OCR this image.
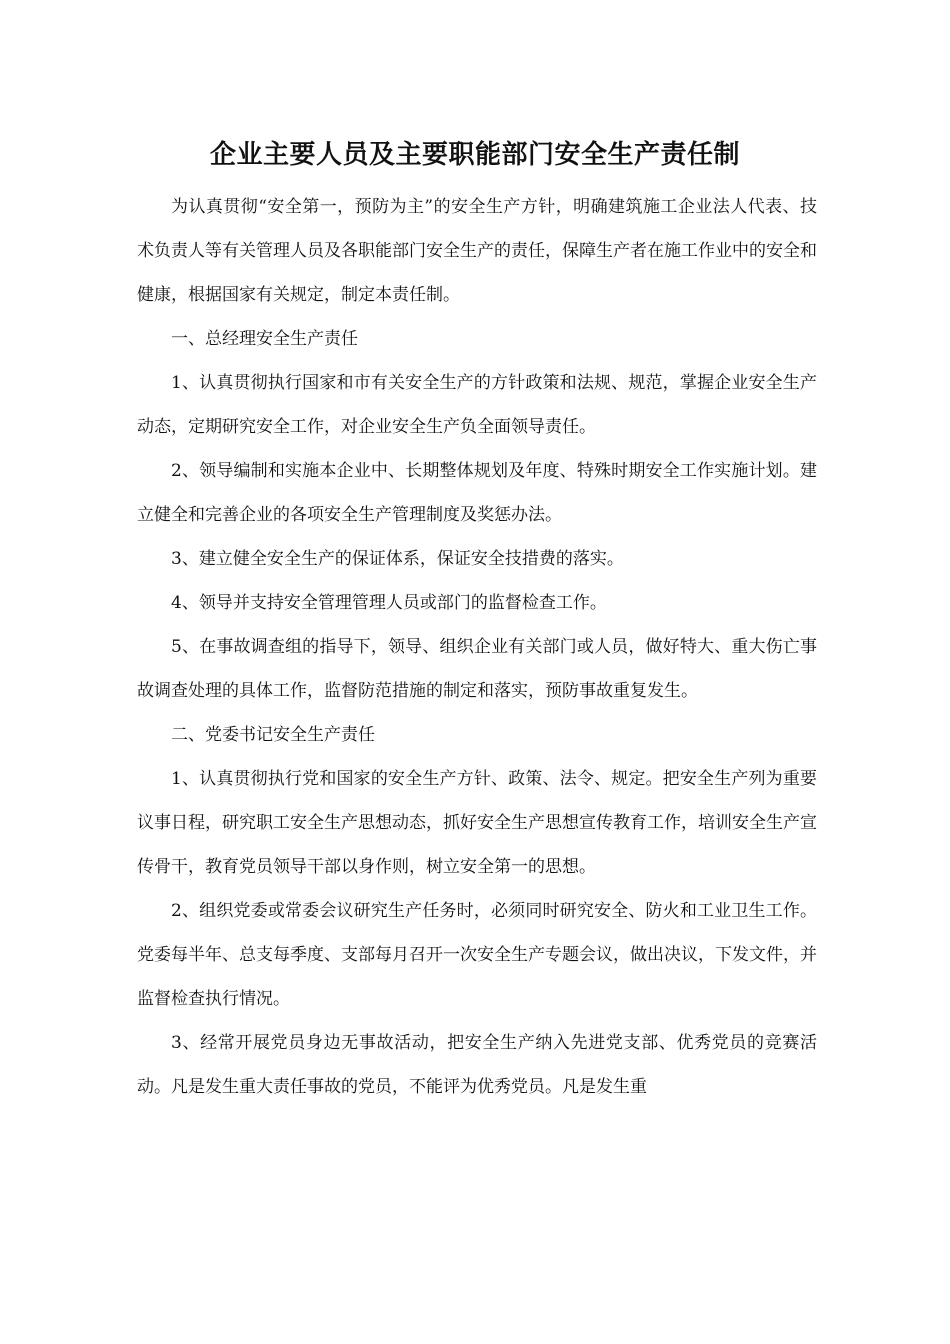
企业主要人员及主要职能部门安全生产责任制

为认真贯彻“安全第一，预防为主”的安全生产方针，明确建筑施工企业法人代表、技术负责人等有关管理人员及各职能部门安全生产的责任，保障生产者在施工作业中的安全和健康，根据国家有关规定，制定本责任制。

一、总经理安全生产责任

1、认真贯彻执行国家和市有关安全生产的方针政策和法规、规范，掌握企业安全生产动态，定期研究安全工作，对企业安全生产负全面领导责任。

2、领导编制和实施本企业中、长期整体规划及年度、特殊时期安全工作实施计划。建立健全和完善企业的各项安全生产管理制度及奖惩办法。

3、建立健全安全生产的保证体系，保证安全技措费的落实。

4、领导并支持安全管理管理人员或部门的监督检查工作。

5、在事故调查组的指导下，领导、组织企业有关部门或人员，做好特大、重大伤亡事故调查处理的具体工作，监督防范措施的制定和落实，预防事故重复发生。

二、党委书记安全生产责任

1、认真贯彻执行党和国家的安全生产方针、政策、法令、规定。把安全生产列为重要议事日程，研究职工安全生产思想动态，抓好安全生产思想宣传教育工作，培训安全生产宣传骨干，教育党员领导干部以身作则，树立安全第一的思想。

2、组织党委或常委会议研究生产任务时，必须同时研究安全、防火和工业卫生工作。党委每半年、总支每季度、支部每月召开一次安全生产专题会议，做出决议，下发文件，并监督检查执行情况。

3、经常开展党员身边无事故活动，把安全生产纳入先进党支部、优秀党员的竞赛活动。凡是发生重大责任事故的党员，不能评为优秀党员。凡是发生重
